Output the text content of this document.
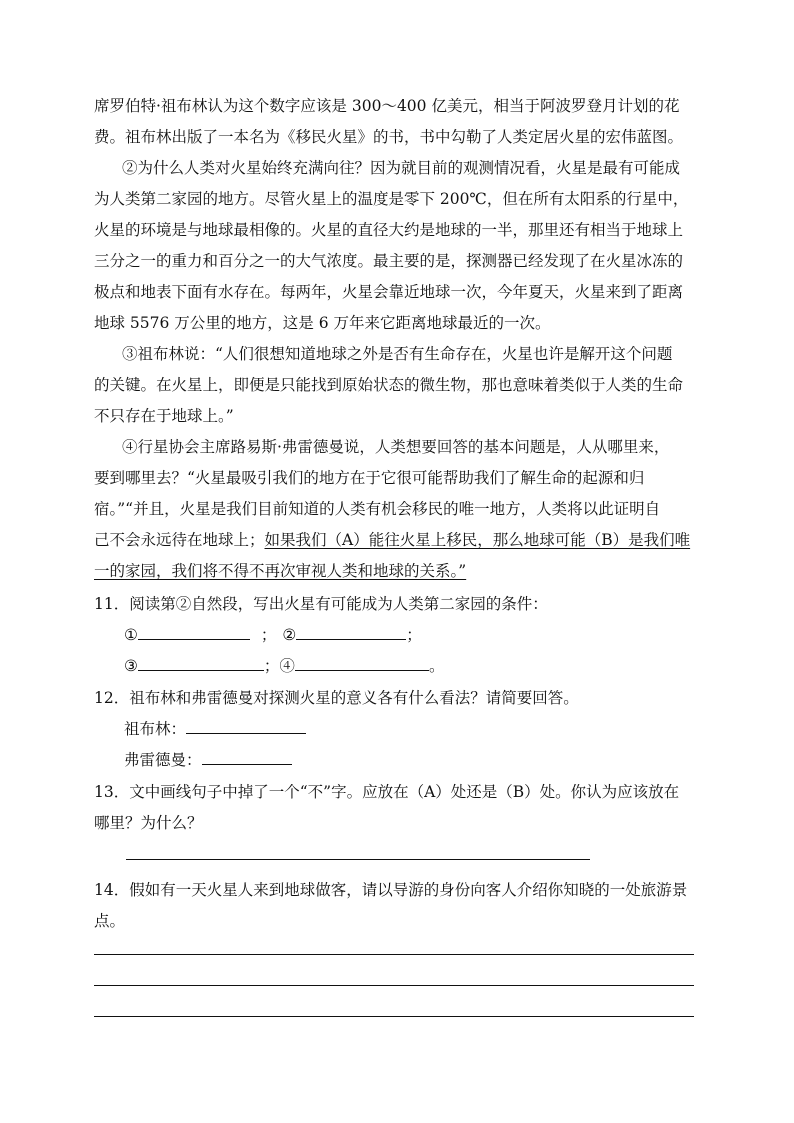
席罗伯特·祖布林认为这个数字应该是 300～400 亿美元，相当于阿波罗登月计划的花
费。祖布林出版了一本名为《移民火星》的书，书中勾勒了人类定居火星的宏伟蓝图。
②为什么人类对火星始终充满向往？因为就目前的观测情况看，火星是最有可能成
为人类第二家园的地方。尽管火星上的温度是零下 200℃，但在所有太阳系的行星中，
火星的环境是与地球最相像的。火星的直径大约是地球的一半，那里还有相当于地球上
三分之一的重力和百分之一的大气浓度。最主要的是，探测器已经发现了在火星冰冻的
极点和地表下面有水存在。每两年，火星会靠近地球一次，今年夏天，火星来到了距离
地球 5576 万公里的地方，这是 6 万年来它距离地球最近的一次。
③祖布林说：“人们很想知道地球之外是否有生命存在，火星也许是解开这个问题
的关键。在火星上，即便是只能找到原始状态的微生物，那也意味着类似于人类的生命
不只存在于地球上。”
④行星协会主席路易斯·弗雷德曼说，人类想要回答的基本问题是，人从哪里来，
要到哪里去？“火星最吸引我们的地方在于它很可能帮助我们了解生命的起源和归
宿。”“并且，火星是我们目前知道的人类有机会移民的唯一地方，人类将以此证明自
己不会永远待在地球上；如果我们（A）能往火星上移民，那么地球可能（B）是我们唯
一的家园，我们将不得不再次审视人类和地球的关系。”
11．阅读第②自然段，写出火星有可能成为人类第二家园的条件：
①	； ②	；
③	；④	。
12．祖布林和弗雷德曼对探测火星的意义各有什么看法？请简要回答。
祖布林：
弗雷德曼：
13．文中画线句子中掉了一个“不”字。应放在（A）处还是（B）处。你认为应该放在
哪里？为什么？
14．假如有一天火星人来到地球做客，请以导游的身份向客人介绍你知晓的一处旅游景
点。
